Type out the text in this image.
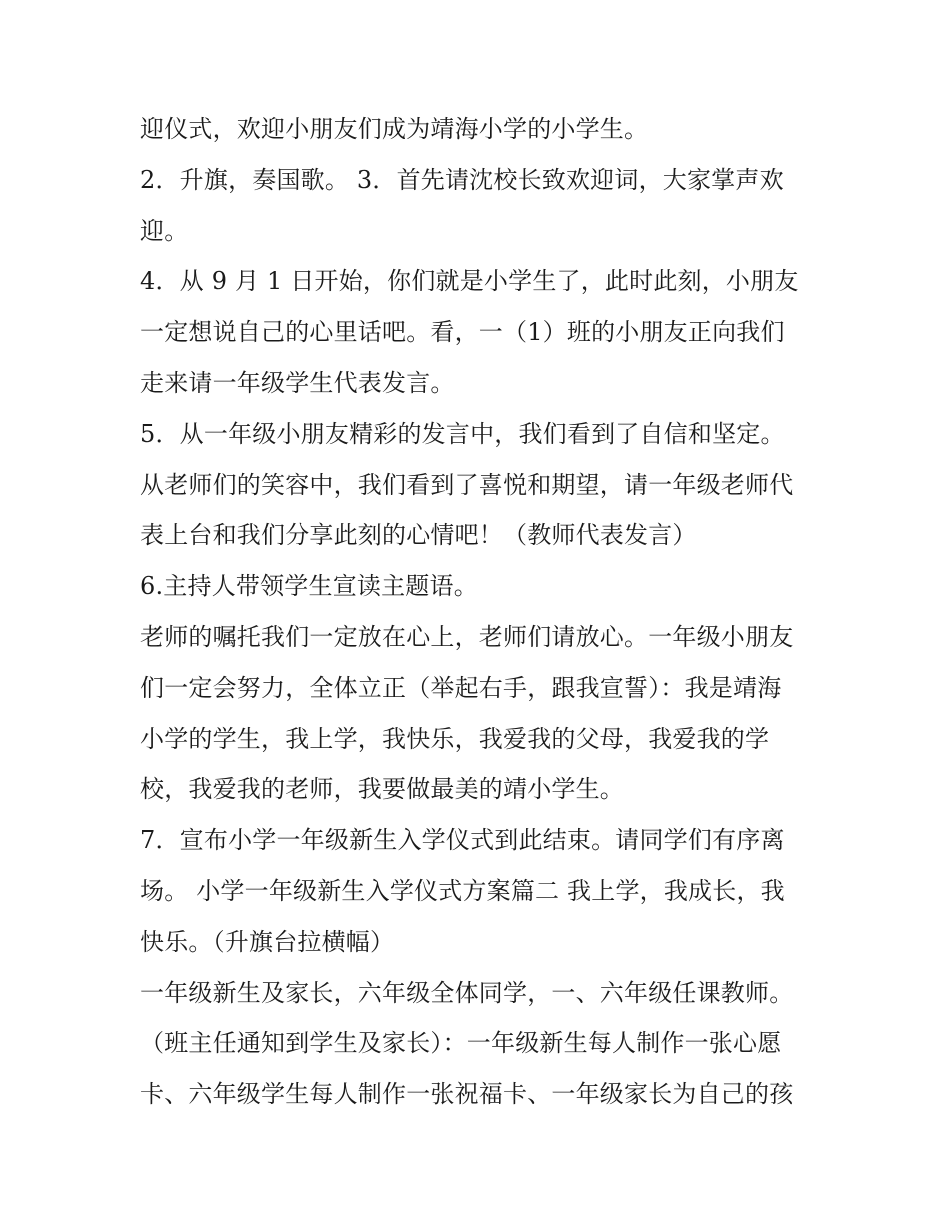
迎仪式，欢迎小朋友们成为靖海小学的小学生。
2．升旗，奏国歌。 3．首先请沈校长致欢迎词，大家掌声欢
迎。
4．从 9 月 1 日开始，你们就是小学生了，此时此刻，小朋友
一定想说自己的心里话吧。看，一（1）班的小朋友正向我们
走来请一年级学生代表发言。
5．从一年级小朋友精彩的发言中，我们看到了自信和坚定。
从老师们的笑容中，我们看到了喜悦和期望，请一年级老师代
表上台和我们分享此刻的心情吧！（教师代表发言）
6.主持人带领学生宣读主题语。
老师的嘱托我们一定放在心上，老师们请放心。一年级小朋友
们一定会努力，全体立正（举起右手，跟我宣誓）：我是靖海
小学的学生，我上学，我快乐，我爱我的父母，我爱我的学
校，我爱我的老师，我要做最美的靖小学生。
7．宣布小学一年级新生入学仪式到此结束。请同学们有序离
场。 小学一年级新生入学仪式方案篇二 我上学，我成长，我
快乐。（升旗台拉横幅）
一年级新生及家长，六年级全体同学，一、六年级任课教师。
（班主任通知到学生及家长）：一年级新生每人制作一张心愿
卡、六年级学生每人制作一张祝福卡、一年级家长为自己的孩
